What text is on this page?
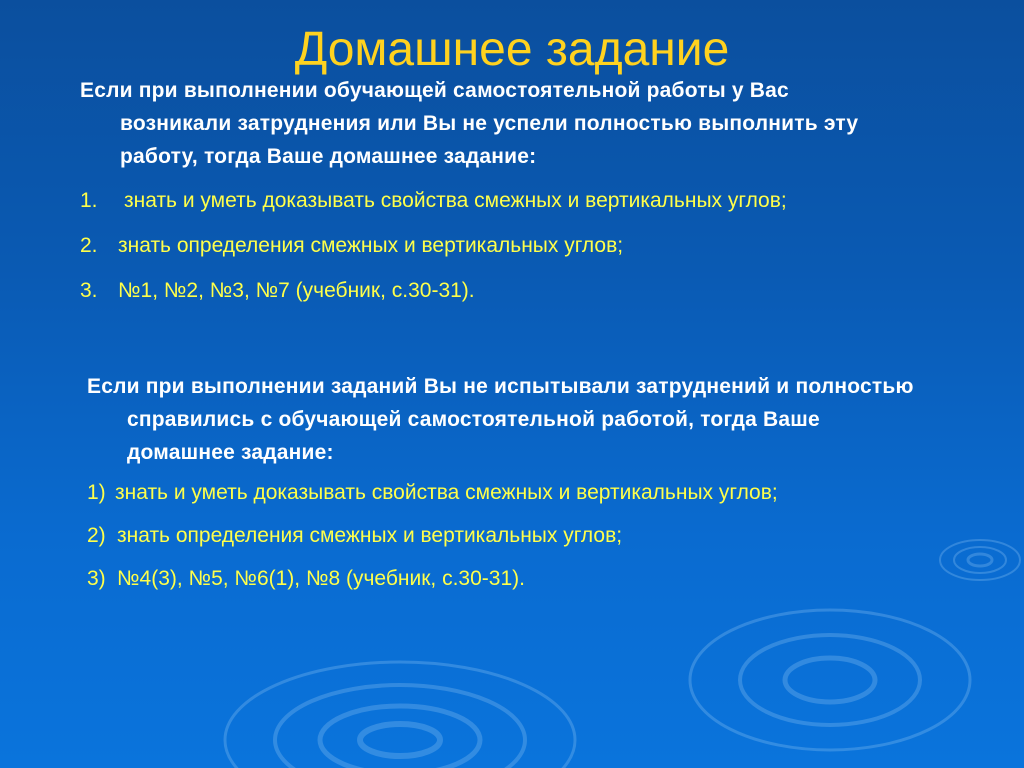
Домашнее задание
Если при выполнении обучающей самостоятельной работы у Вас возникали затруднения или Вы не успели полностью выполнить эту работу, тогда Ваше домашнее задание:
1.	знать и уметь доказывать свойства смежных и вертикальных углов;
2. знать определения смежных и вертикальных углов;
3. №1, №2, №3, №7 (учебник, с.30-31).
Если при выполнении заданий Вы не испытывали затруднений и полностью справились с обучающей самостоятельной работой, тогда Ваше домашнее задание:
1) знать и уметь доказывать свойства смежных и вертикальных углов;
2) знать определения смежных и вертикальных углов;
3) №4(3), №5, №6(1), №8 (учебник, с.30-31).
